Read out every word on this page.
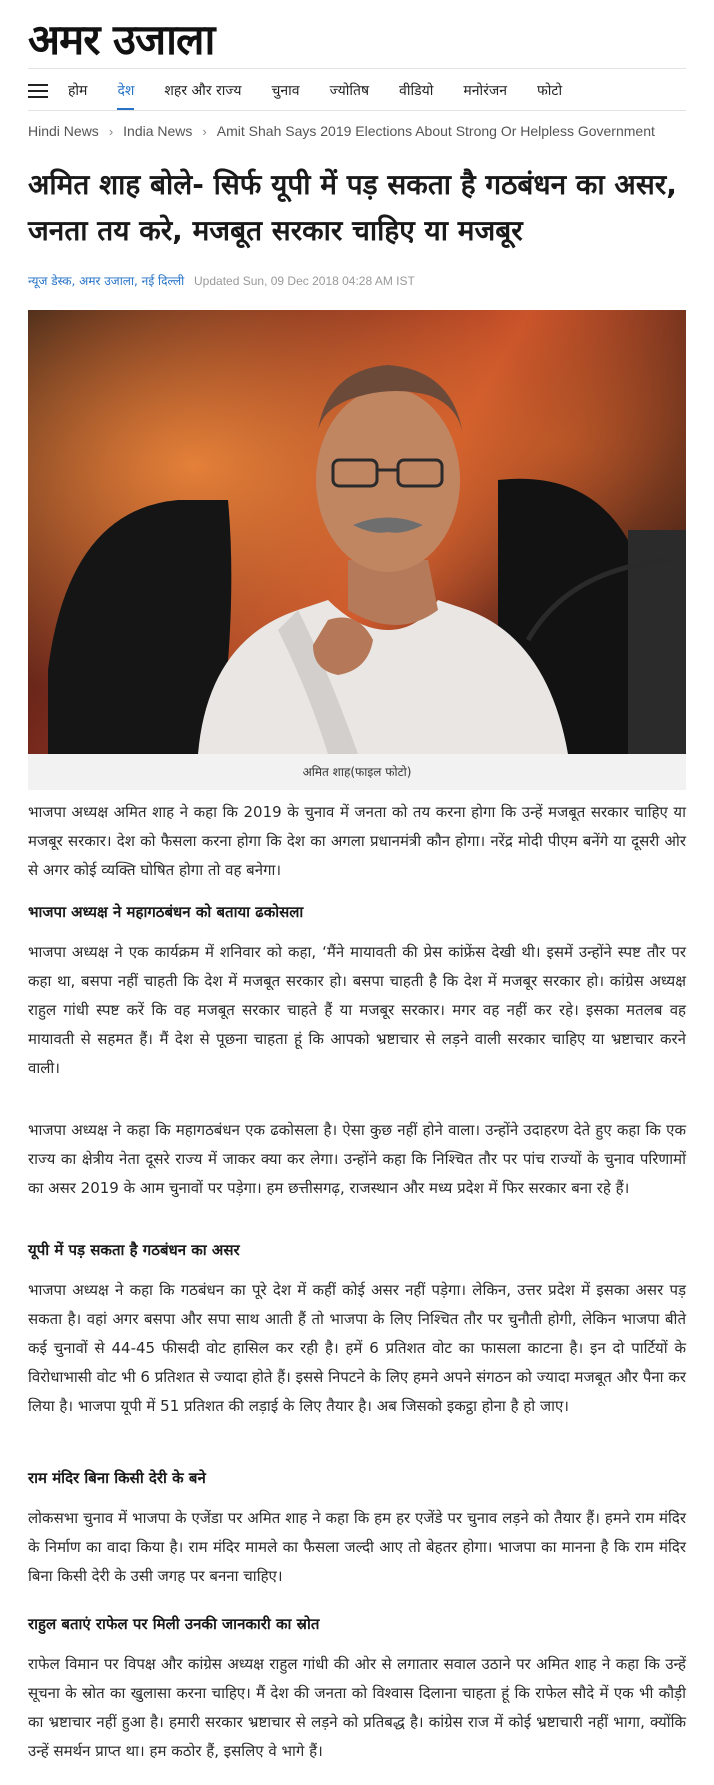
अमर उजाला
होम देश शहर और राज्य चुनाव ज्योतिष वीडियो मनोरंजन फोटो
Hindi News › India News › Amit Shah Says 2019 Elections About Strong Or Helpless Government
अमित शाह बोले- सिर्फ यूपी में पड़ सकता है गठबंधन का असर, जनता तय करे, मजबूत सरकार चाहिए या मजबूर
न्यूज डेस्क, अमर उजाला, नई दिल्ली Updated Sun, 09 Dec 2018 04:28 AM IST
अमित शाह(फाइल फोटो)

भाजपा अध्यक्ष अमित शाह ने कहा कि 2019 के चुनाव में जनता को तय करना होगा कि उन्हें मजबूत सरकार चाहिए या मजबूर सरकार। देश को फैसला करना होगा कि देश का अगला प्रधानमंत्री कौन होगा। नरेंद्र मोदी पीएम बनेंगे या दूसरी ओर से अगर कोई व्यक्ति घोषित होगा तो वह बनेगा।

भाजपा अध्यक्ष ने महागठबंधन को बताया ढकोसला

भाजपा अध्यक्ष ने एक कार्यक्रम में शनिवार को कहा, ‘मैंने मायावती की प्रेस कांफ्रेंस देखी थी। इसमें उन्होंने स्पष्ट तौर पर कहा था, बसपा नहीं चाहती कि देश में मजबूत सरकार हो। बसपा चाहती है कि देश में मजबूर सरकार हो। कांग्रेस अध्यक्ष राहुल गांधी स्पष्ट करें कि वह मजबूत सरकार चाहते हैं या मजबूर सरकार। मगर वह नहीं कर रहे। इसका मतलब वह मायावती से सहमत हैं। मैं देश से पूछना चाहता हूं कि आपको भ्रष्टाचार से लड़ने वाली सरकार चाहिए या भ्रष्टाचार करने वाली।

भाजपा अध्यक्ष ने कहा कि महागठबंधन एक ढकोसला है। ऐसा कुछ नहीं होने वाला। उन्होंने उदाहरण देते हुए कहा कि एक राज्य का क्षेत्रीय नेता दूसरे राज्य में जाकर क्या कर लेगा। उन्होंने कहा कि निश्चित तौर पर पांच राज्यों के चुनाव परिणामों का असर 2019 के आम चुनावों पर पड़ेगा। हम छत्तीसगढ़, राजस्थान और मध्य प्रदेश में फिर सरकार बना रहे हैं।

यूपी में पड़ सकता है गठबंधन का असर

भाजपा अध्यक्ष ने कहा कि गठबंधन का पूरे देश में कहीं कोई असर नहीं पड़ेगा। लेकिन, उत्तर प्रदेश में इसका असर पड़ सकता है। वहां अगर बसपा और सपा साथ आती हैं तो भाजपा के लिए निश्चित तौर पर चुनौती होगी, लेकिन भाजपा बीते कई चुनावों से 44-45 फीसदी वोट हासिल कर रही है। हमें 6 प्रतिशत वोट का फासला काटना है। इन दो पार्टियों के विरोधाभासी वोट भी 6 प्रतिशत से ज्यादा होते हैं। इससे निपटने के लिए हमने अपने संगठन को ज्यादा मजबूत और पैना कर लिया है। भाजपा यूपी में 51 प्रतिशत की लड़ाई के लिए तैयार है। अब जिसको इकट्ठा होना है हो जाए।

राम मंदिर बिना किसी देरी के बने

लोकसभा चुनाव में भाजपा के एजेंडा पर अमित शाह ने कहा कि हम हर एजेंडे पर चुनाव लड़ने को तैयार हैं। हमने राम मंदिर के निर्माण का वादा किया है। राम मंदिर मामले का फैसला जल्दी आए तो बेहतर होगा। भाजपा का मानना है कि राम मंदिर बिना किसी देरी के उसी जगह पर बनना चाहिए।

राहुल बताएं राफेल पर मिली उनकी जानकारी का स्रोत

राफेल विमान पर विपक्ष और कांग्रेस अध्यक्ष राहुल गांधी की ओर से लगातार सवाल उठाने पर अमित शाह ने कहा कि उन्हें सूचना के स्रोत का खुलासा करना चाहिए। मैं देश की जनता को विश्वास दिलाना चाहता हूं कि राफेल सौदे में एक भी कौड़ी का भ्रष्टाचार नहीं हुआ है। हमारी सरकार भ्रष्टाचार से लड़ने को प्रतिबद्ध है। कांग्रेस राज में कोई भ्रष्टाचारी नहीं भागा, क्योंकि उन्हें समर्थन प्राप्त था। हम कठोर हैं, इसलिए वे भागे हैं।
